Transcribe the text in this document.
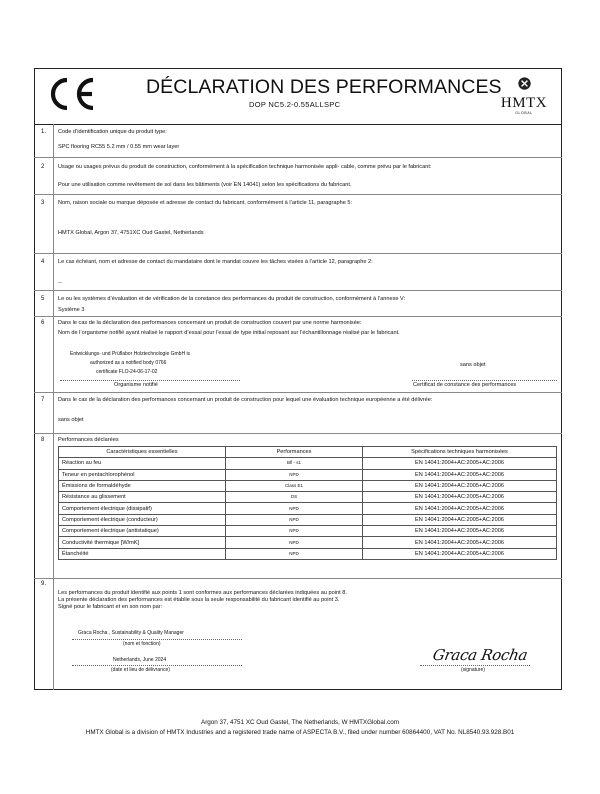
DÉCLARATION DES PERFORMANCES
DOP NC5.2-0.55ALLSPC	HMTX
GLOBAL
1. Code d’identification unique du produit type:
SPC flooring RC55 5.2 mm / 0.55 mm wear layer
2 Usage ou usages prévus du produit de construction, conformément à la spécification technique harmonisée appli- cable, comme prévu par le fabricant:
Pour une utilisation comme revêtement de sol dans les bâtiments (voir EN 14041) selon les spécifications du fabricant.
3 Nom, raison sociale ou marque déposée et adresse de contact du fabricant, conformément à l’article 11, paragraphe 5:
HMTX Global, Argon 37, 4751XC Oud Gastel, Netherlands
4 Le cas échéant, nom et adresse de contact du mandataire dont le mandat couvre les tâches visées à l’article 12, paragraphe 2:
--
5 Le ou les systèmes d’évaluation et de vérification de la constance des performances du produit de construction, conformément à l’annexe V:
Système 3
6 Dans le cas de la déclaration des performances concernant un produit de construction couvert par une norme harmonisée:
Nom de l’organisme notifié ayant réalisé le rapport d’essai pour l’essai de type initial reposant sur l’échantillonnage réalisé par le fabricant.
Entwicklungs- und Prüflabor Holztechnologie GmbH is
authorized as a notified body 0766
certificate FLO-24-06-17-02
sans objet
Organisme notifié	Certificat de constance des performances
7 Dans le cas de la déclaration des performances concernant un produit de construction pour lequel une évaluation technique européenne a été délivrée:
sans objet
8 Performances déclarées
Caractéristiques essentielles	Performances	Spécifications techniques harmonisées
Réaction au feu	Bfl - s1	EN 14041:2004+AC:2005+AC:2006
Teneur en pentachlorophénol	NPD	EN 14041:2004+AC:2005+AC:2006
Émissions de formaldéhyde	Class E1	EN 14041:2004+AC:2005+AC:2006
Résistance au glissement	DS	EN 14041:2004+AC:2005+AC:2006
Comportement électrique (dissipatif)	NPD	EN 14041:2004+AC:2005+AC:2006
Comportement électrique (conducteur)	NPD	EN 14041:2004+AC:2005+AC:2006
Comportement électrique (antistatique)	NPD	EN 14041:2004+AC:2005+AC:2006
Conductivité thermique [W/mK]	NPD	EN 14041:2004+AC:2005+AC:2006
Étanchéité	NPD	EN 14041:2004+AC:2005+AC:2006
9.
Les performances du produit identifié aux points 1 sont conformes aux performances déclarées indiquées au point 8.
La présente déclaration des performances est établie sous la seule responsabilité du fabricant identifié au point 3.
Signé pour le fabricant et en son nom par:
Graca Rocha , Sustainability & Quality Manager
(nom et fonction)
Netherlands, June 2024
(date et lieu de délivrance)
Graca Rocha
(signature)
Argon 37, 4751 XC Oud Gastel, The Netherlands, W HMTXGlobal.com
HMTX Global is a division of HMTX Industries and a registered trade name of ASPECTA B.V., filed under number 60864400, VAT No. NL8540.93.928.B01
